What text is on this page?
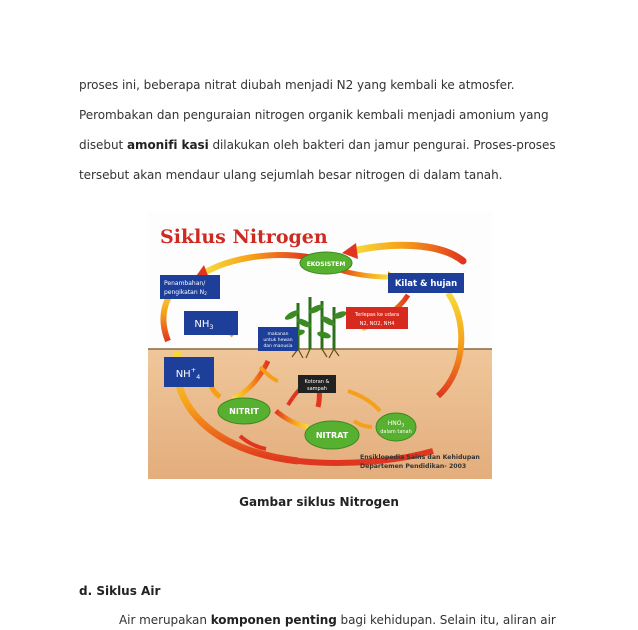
proses ini, beberapa nitrat diubah menjadi N2 yang kembali ke atmosfer.
Perombakan dan penguraian nitrogen organik kembali menjadi amonium yang
disebut amonifi kasi dilakukan oleh bakteri dan jamur pengurai. Proses-proses
tersebut akan mendaur ulang sejumlah besar nitrogen di dalam tanah.
Siklus Nitrogen
EKOSISTEM
Penambahan/
pengikatan N2
Kilat & hujan
$NH_3$
makanan
untuk hewan
dan manusia
Terlepas ke udara
N2, NO2, NH4
$NH^+_4$
Kotoran &
sampah
NITRIT
NITRAT
$HNO_3$
dalam tanah
Ensiklopedia Sains dan Kehidupan
Departemen Pendidikan- 2003
Gambar siklus Nitrogen
d. Siklus Air
Air merupakan komponen penting bagi kehidupan. Selain itu, aliran air
